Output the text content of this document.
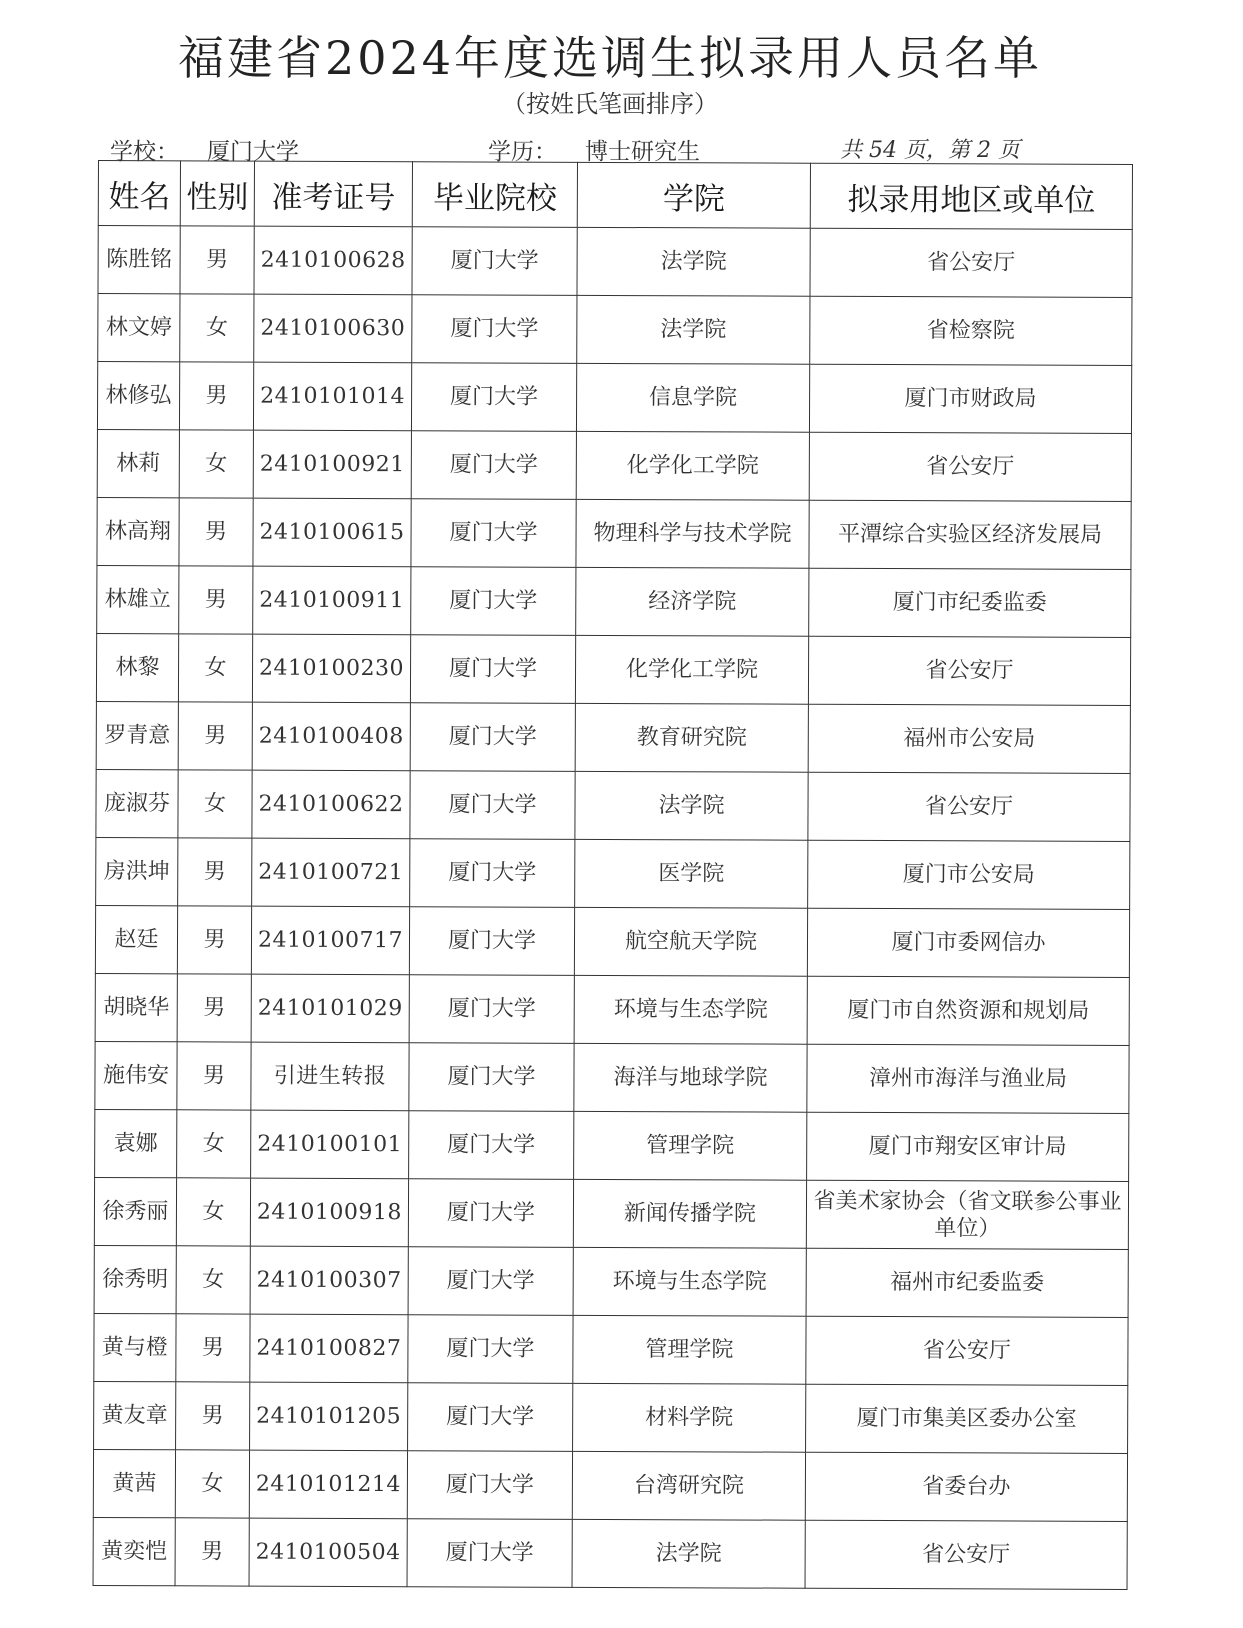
福建省2024年度选调生拟录用人员名单
（按姓氏笔画排序）
学校： 厦门大学	学历： 博士研究生	共 54 页，第 2 页
姓名	性别	准考证号	毕业院校	学院	拟录用地区或单位
陈胜铭	男	2410100628	厦门大学	法学院	省公安厅
林文婷	女	2410100630	厦门大学	法学院	省检察院
林修弘	男	2410101014	厦门大学	信息学院	厦门市财政局
林莉	女	2410100921	厦门大学	化学化工学院	省公安厅
林高翔	男	2410100615	厦门大学	物理科学与技术学院	平潭综合实验区经济发展局
林雄立	男	2410100911	厦门大学	经济学院	厦门市纪委监委
林黎	女	2410100230	厦门大学	化学化工学院	省公安厅
罗青意	男	2410100408	厦门大学	教育研究院	福州市公安局
庞淑芬	女	2410100622	厦门大学	法学院	省公安厅
房洪坤	男	2410100721	厦门大学	医学院	厦门市公安局
赵廷	男	2410100717	厦门大学	航空航天学院	厦门市委网信办
胡晓华	男	2410101029	厦门大学	环境与生态学院	厦门市自然资源和规划局
施伟安	男	引进生转报	厦门大学	海洋与地球学院	漳州市海洋与渔业局
袁娜	女	2410100101	厦门大学	管理学院	厦门市翔安区审计局
徐秀丽	女	2410100918	厦门大学	新闻传播学院	省美术家协会（省文联参公事业单位）
徐秀明	女	2410100307	厦门大学	环境与生态学院	福州市纪委监委
黄与橙	男	2410100827	厦门大学	管理学院	省公安厅
黄友章	男	2410101205	厦门大学	材料学院	厦门市集美区委办公室
黄茜	女	2410101214	厦门大学	台湾研究院	省委台办
黄奕恺	男	2410100504	厦门大学	法学院	省公安厅
